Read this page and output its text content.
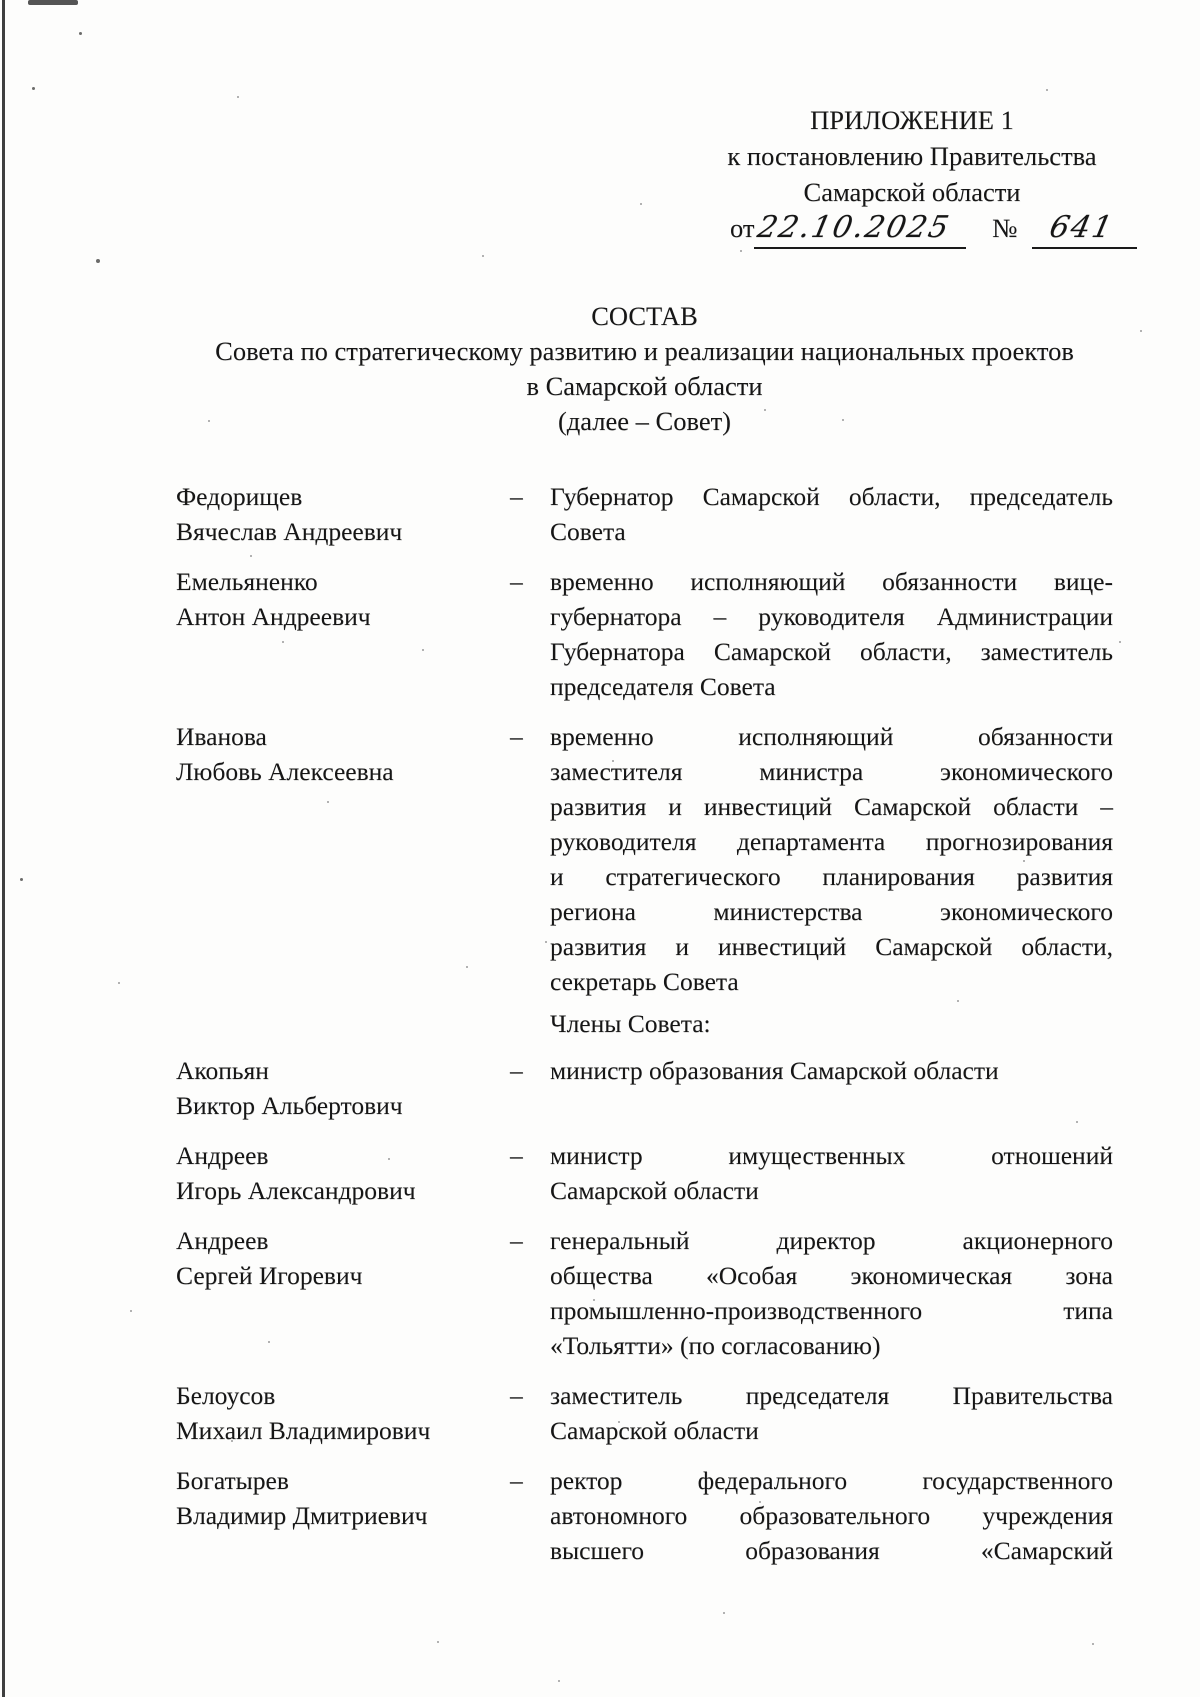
ПРИЛОЖЕНИЕ 1
к постановлению Правительства
Самарской области
от 22.10.2025	№ 641
СОСТАВ
Совета по стратегическому развитию и реализации национальных проектов
в Самарской области
(далее – Совет)
Федорищев
Вячеслав Андреевич
–	Губернатор Самарской области, председатель
Совета
Емельяненко
Антон Андреевич
–	временно исполняющий обязанности вице-
губернатора – руководителя Администрации
Губернатора Самарской области, заместитель
председателя Совета
Иванова
Любовь Алексеевна
–	временно исполняющий обязанности
заместителя министра экономического
развития и инвестиций Самарской области –
руководителя департамента прогнозирования
и стратегического планирования развития
региона министерства экономического
развития и инвестиций Самарской области,
секретарь Совета
Члены Совета:
Акопьян
Виктор Альбертович
–	министр образования Самарской области
Андреев
Игорь Александрович
–	министр имущественных отношений
Самарской области
Андреев
Сергей Игоревич
–	генеральный директор акционерного
общества «Особая экономическая зона
промышленно-производственного типа
«Тольятти» (по согласованию)
Белоусов
Михаил Владимирович
–	заместитель председателя Правительства
Самарской области
Богатырев
Владимир Дмитриевич
–	ректор федерального государственного
автономного образовательного учреждения
высшего образования «Самарский
